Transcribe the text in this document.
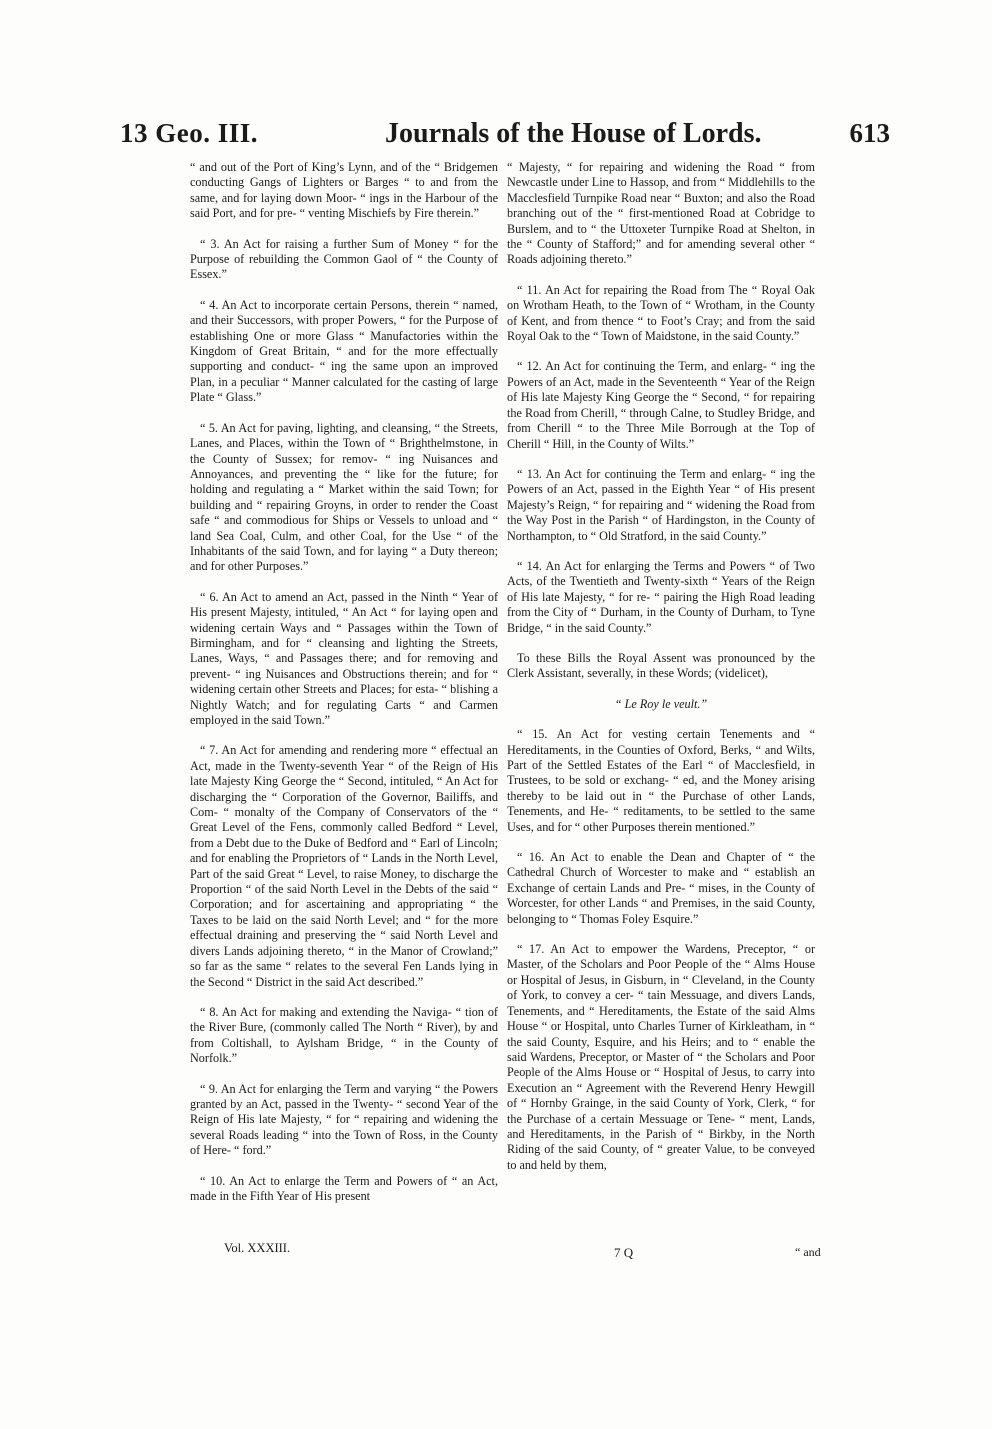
13 Geo. III.	Journals of the House of Lords.	613

“ and out of the Port of King’s Lynn, and of the “ Bridgemen conducting Gangs of Lighters or Barges “ to and from the same, and for laying down Moor- “ ings in the Harbour of the said Port, and for pre- “ venting Mischiefs by Fire therein.”

“ 3. An Act for raising a further Sum of Money “ for the Purpose of rebuilding the Common Gaol of “ the County of Essex.”

“ 4. An Act to incorporate certain Persons, therein “ named, and their Successors, with proper Powers, “ for the Purpose of establishing One or more Glass “ Manufactories within the Kingdom of Great Britain, “ and for the more effectually supporting and conduct- “ ing the same upon an improved Plan, in a peculiar “ Manner calculated for the casting of large Plate “ Glass.”

“ 5. An Act for paving, lighting, and cleansing, “ the Streets, Lanes, and Places, within the Town of “ Brighthelmstone, in the County of Sussex; for remov- “ ing Nuisances and Annoyances, and preventing the “ like for the future; for holding and regulating a “ Market within the said Town; for building and “ repairing Groyns, in order to render the Coast safe “ and commodious for Ships or Vessels to unload and “ land Sea Coal, Culm, and other Coal, for the Use “ of the Inhabitants of the said Town, and for laying “ a Duty thereon; and for other Purposes.”

“ 6. An Act to amend an Act, passed in the Ninth “ Year of His present Majesty, intituled, “ An Act “ for laying open and widening certain Ways and “ Passages within the Town of Birmingham, and for “ cleansing and lighting the Streets, Lanes, Ways, “ and Passages there; and for removing and prevent- “ ing Nuisances and Obstructions therein; and for “ widening certain other Streets and Places; for esta- “ blishing a Nightly Watch; and for regulating Carts “ and Carmen employed in the said Town.”

“ 7. An Act for amending and rendering more “ effectual an Act, made in the Twenty-seventh Year “ of the Reign of His late Majesty King George the “ Second, intituled, “ An Act for discharging the “ Corporation of the Governor, Bailiffs, and Com- “ monalty of the Company of Conservators of the “ Great Level of the Fens, commonly called Bedford “ Level, from a Debt due to the Duke of Bedford and “ Earl of Lincoln; and for enabling the Proprietors of “ Lands in the North Level, Part of the said Great “ Level, to raise Money, to discharge the Proportion “ of the said North Level in the Debts of the said “ Corporation; and for ascertaining and appropriating “ the Taxes to be laid on the said North Level; and “ for the more effectual draining and preserving the “ said North Level and divers Lands adjoining thereto, “ in the Manor of Crowland;” so far as the same “ relates to the several Fen Lands lying in the Second “ District in the said Act described.”

“ 8. An Act for making and extending the Naviga- “ tion of the River Bure, (commonly called The North “ River), by and from Coltishall, to Aylsham Bridge, “ in the County of Norfolk.”

“ 9. An Act for enlarging the Term and varying “ the Powers granted by an Act, passed in the Twenty- “ second Year of the Reign of His late Majesty, “ for “ repairing and widening the several Roads leading “ into the Town of Ross, in the County of Here- “ ford.”

“ 10. An Act to enlarge the Term and Powers of “ an Act, made in the Fifth Year of His present

“ Majesty, “ for repairing and widening the Road “ from Newcastle under Line to Hassop, and from “ Middlehills to the Macclesfield Turnpike Road near “ Buxton; and also the Road branching out of the “ first-mentioned Road at Cobridge to Burslem, and to “ the Uttoxeter Turnpike Road at Shelton, in the “ County of Stafford;” and for amending several other “ Roads adjoining thereto.”

“ 11. An Act for repairing the Road from The “ Royal Oak on Wrotham Heath, to the Town of “ Wrotham, in the County of Kent, and from thence “ to Foot’s Cray; and from the said Royal Oak to the “ Town of Maidstone, in the said County.”

“ 12. An Act for continuing the Term, and enlarg- “ ing the Powers of an Act, made in the Seventeenth “ Year of the Reign of His late Majesty King George the “ Second, “ for repairing the Road from Cherill, “ through Calne, to Studley Bridge, and from Cherill “ to the Three Mile Borrough at the Top of Cherill “ Hill, in the County of Wilts.”

“ 13. An Act for continuing the Term and enlarg- “ ing the Powers of an Act, passed in the Eighth Year “ of His present Majesty’s Reign, “ for repairing and “ widening the Road from the Way Post in the Parish “ of Hardingston, in the County of Northampton, to “ Old Stratford, in the said County.”

“ 14. An Act for enlarging the Terms and Powers “ of Two Acts, of the Twentieth and Twenty-sixth “ Years of the Reign of His late Majesty, “ for re- “ pairing the High Road leading from the City of “ Durham, in the County of Durham, to Tyne Bridge, “ in the said County.”

To these Bills the Royal Assent was pronounced by the Clerk Assistant, severally, in these Words; (videlicet),

“ Le Roy le veult.”

“ 15. An Act for vesting certain Tenements and “ Hereditaments, in the Counties of Oxford, Berks, “ and Wilts, Part of the Settled Estates of the Earl “ of Macclesfield, in Trustees, to be sold or exchang- “ ed, and the Money arising thereby to be laid out in “ the Purchase of other Lands, Tenements, and He- “ reditaments, to be settled to the same Uses, and for “ other Purposes therein mentioned.”

“ 16. An Act to enable the Dean and Chapter of “ the Cathedral Church of Worcester to make and “ establish an Exchange of certain Lands and Pre- “ mises, in the County of Worcester, for other Lands “ and Premises, in the said County, belonging to “ Thomas Foley Esquire.”

“ 17. An Act to empower the Wardens, Preceptor, “ or Master, of the Scholars and Poor People of the “ Alms House or Hospital of Jesus, in Gisburn, in “ Cleveland, in the County of York, to convey a cer- “ tain Messuage, and divers Lands, Tenements, and “ Hereditaments, the Estate of the said Alms House “ or Hospital, unto Charles Turner of Kirkleatham, in “ the said County, Esquire, and his Heirs; and to “ enable the said Wardens, Preceptor, or Master of “ the Scholars and Poor People of the Alms House or “ Hospital of Jesus, to carry into Execution an “ Agreement with the Reverend Henry Hewgill of “ Hornby Grainge, in the said County of York, Clerk, “ for the Purchase of a certain Messuage or Tene- “ ment, Lands, and Hereditaments, in the Parish of “ Birkby, in the North Riding of the said County, of “ greater Value, to be conveyed to and held by them,

Vol. XXXIII.	7 Q	“ and
